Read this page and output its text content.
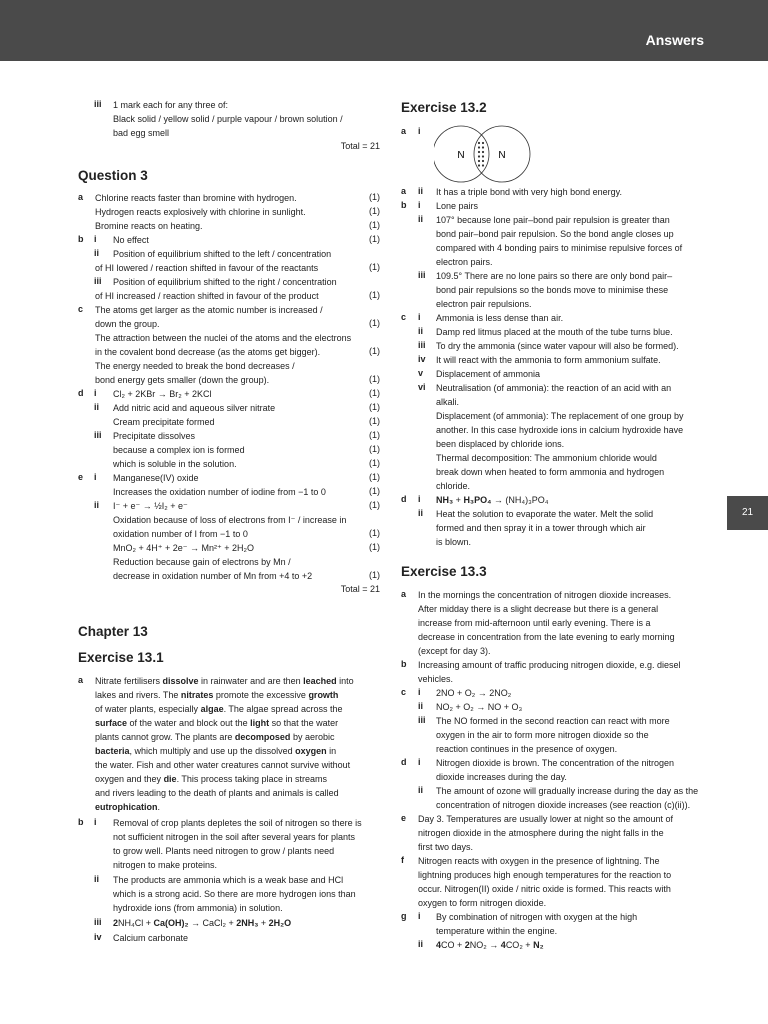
Answers
21
iii 1 mark each for any three of:
Black solid / yellow solid / purple vapour / brown solution /
bad egg smell
Total = 21
Question 3
a Chlorine reacts faster than bromine with hydrogen.	(1)
Hydrogen reacts explosively with chlorine in sunlight.	(1)
Bromine reacts on heating.	(1)
b i No effect	(1)
ii Position of equilibrium shifted to the left / concentration
of HI lowered / reaction shifted in favour of the reactants	(1)
iii Position of equilibrium shifted to the right / concentration
of HI increased / reaction shifted in favour of the product	(1)
c The atoms get larger as the atomic number is increased /
down the group.	(1)
The attraction between the nuclei of the atoms and the electrons
in the covalent bond decrease (as the atoms get bigger).	(1)
The energy needed to break the bond decreases /
bond energy gets smaller (down the group).	(1)
d i Cl₂ + 2KBr → Br₂ + 2KCl	(1)
ii Add nitric acid and aqueous silver nitrate	(1)
Cream precipitate formed	(1)
iii Precipitate dissolves	(1)
because a complex ion is formed	(1)
which is soluble in the solution.	(1)
e i Manganese(IV) oxide	(1)
Increases the oxidation number of iodine from −1 to 0	(1)
ii I⁻ + e⁻ → ½I₂ + e⁻	(1)
Oxidation because of loss of electrons from I⁻ / increase in
oxidation number of I from −1 to 0	(1)
MnO₂ + 4H⁺ + 2e⁻ → Mn²⁺ + 2H₂O	(1)
Reduction because gain of electrons by Mn /
decrease in oxidation number of Mn from +4 to +2	(1)
Total = 21
Chapter 13
Exercise 13.1
a Nitrate fertilisers dissolve in rainwater and are then leached into
lakes and rivers. The nitrates promote the excessive growth
of water plants, especially algae. The algae spread across the
surface of the water and block out the light so that the water
plants cannot grow. The plants are decomposed by aerobic
bacteria, which multiply and use up the dissolved oxygen in
the water. Fish and other water creatures cannot survive without
oxygen and they die. This process taking place in streams
and rivers leading to the death of plants and animals is called
eutrophication.
b i Removal of crop plants depletes the soil of nitrogen so there is
not sufficient nitrogen in the soil after several years for plants
to grow well. Plants need nitrogen to grow / plants need
nitrogen to make proteins.
ii The products are ammonia which is a weak base and HCl
which is a strong acid. So there are more hydrogen ions than
hydroxide ions (from ammonia) in solution.
iii 2NH₄Cl + Ca(OH)₂ → CaCl₂ + 2NH₃ + 2H₂O
iv Calcium carbonate
Exercise 13.2
a i
N	N
a ii It has a triple bond with very high bond energy.
b i Lone pairs
ii 107° because lone pair–bond pair repulsion is greater than
bond pair–bond pair repulsion. So the bond angle closes up
compared with 4 bonding pairs to minimise repulsive forces of
electron pairs.
iii 109.5° There are no lone pairs so there are only bond pair–
bond pair repulsions so the bonds move to minimise these
electron pair repulsions.
c i Ammonia is less dense than air.
ii Damp red litmus placed at the mouth of the tube turns blue.
iii To dry the ammonia (since water vapour will also be formed).
iv It will react with the ammonia to form ammonium sulfate.
v Displacement of ammonia
vi Neutralisation (of ammonia): the reaction of an acid with an
alkali.
Displacement (of ammonia): The replacement of one group by
another. In this case hydroxide ions in calcium hydroxide have
been displaced by chloride ions.
Thermal decomposition: The ammonium chloride would
break down when heated to form ammonia and hydrogen
chloride.
d i NH₃ + H₃PO₄ → (NH₄)₃PO₄
ii Heat the solution to evaporate the water. Melt the solid
formed and then spray it in a tower through which air
is blown.
Exercise 13.3
a In the mornings the concentration of nitrogen dioxide increases.
After midday there is a slight decrease but there is a general
increase from mid-afternoon until early evening. There is a
decrease in concentration from the late evening to early morning
(except for day 3).
b Increasing amount of traffic producing nitrogen dioxide, e.g. diesel
vehicles.
c i 2NO + O₂ → 2NO₂
ii NO₂ + O₂ → NO + O₃
iii The NO formed in the second reaction can react with more
oxygen in the air to form more nitrogen dioxide so the
reaction continues in the presence of oxygen.
d i Nitrogen dioxide is brown. The concentration of the nitrogen
dioxide increases during the day.
ii The amount of ozone will gradually increase during the day as the
concentration of nitrogen dioxide increases (see reaction (c)(ii)).
e Day 3. Temperatures are usually lower at night so the amount of
nitrogen dioxide in the atmosphere during the night falls in the
first two days.
f Nitrogen reacts with oxygen in the presence of lightning. The
lightning produces high enough temperatures for the reaction to
occur. Nitrogen(II) oxide / nitric oxide is formed. This reacts with
oxygen to form nitrogen dioxide.
g i By combination of nitrogen with oxygen at the high
temperature within the engine.
ii 4CO + 2NO₂ → 4CO₂ + N₂
